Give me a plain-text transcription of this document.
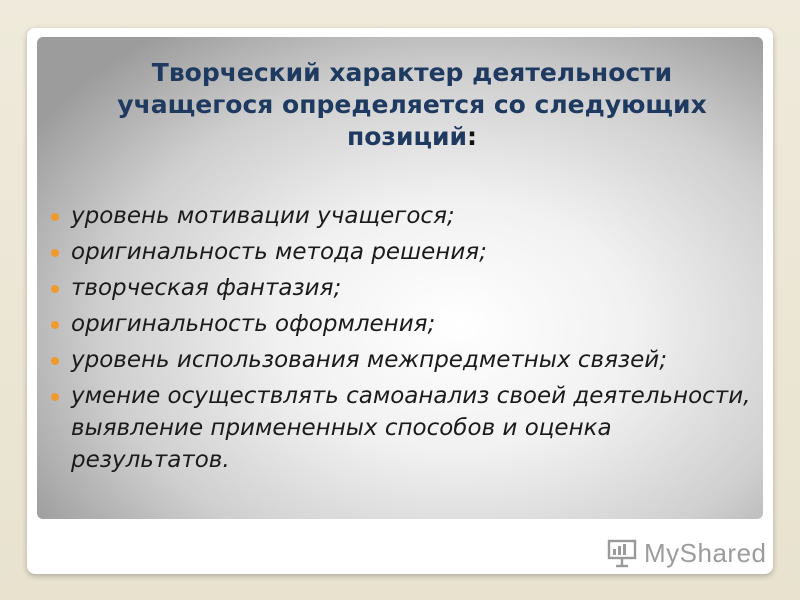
Творческий характер деятельности учащегося определяется со следующих позиций:
уровень мотивации учащегося;
оригинальность метода решения;
творческая фантазия;
оригинальность оформления;
уровень использования межпредметных связей;
умение осуществлять самоанализ своей деятельности, выявление примененных способов и оценка результатов.
MyShared
